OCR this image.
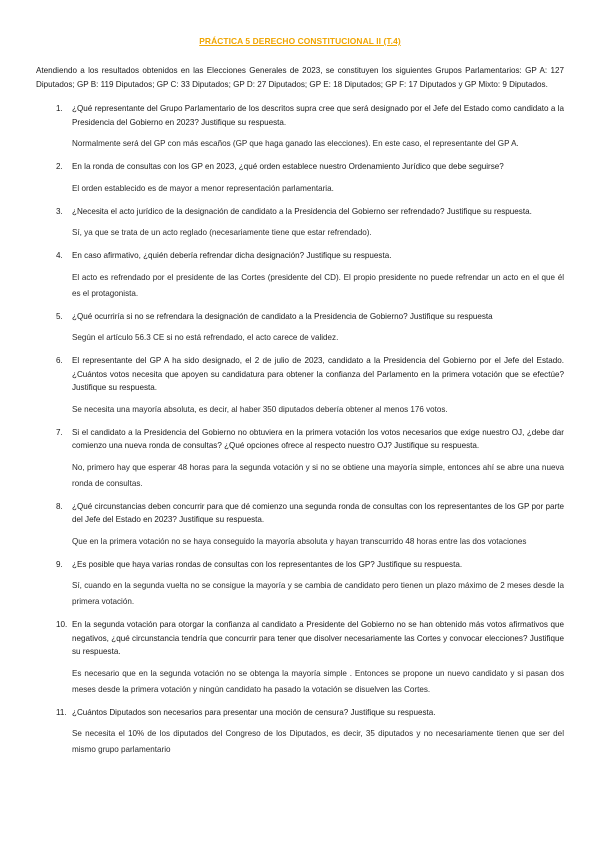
PRÁCTICA 5 DERECHO CONSTITUCIONAL II (T.4)

Atendiendo a los resultados obtenidos en las Elecciones Generales de 2023, se constituyen los siguientes Grupos Parlamentarios: GP A: 127 Diputados; GP B: 119 Diputados; GP C: 33 Diputados; GP D: 27 Diputados; GP E: 18 Diputados; GP F: 17 Diputados y GP Mixto: 9 Diputados.

1. ¿Qué representante del Grupo Parlamentario de los descritos supra cree que será designado por el Jefe del Estado como candidato a la Presidencia del Gobierno en 2023? Justifique su respuesta.

Normalmente será del GP con más escaños (GP que haga ganado las elecciones). En este caso, el representante del GP A.

2. En la ronda de consultas con los GP en 2023, ¿qué orden establece nuestro Ordenamiento Jurídico que debe seguirse?

El orden establecido es de mayor a menor representación parlamentaria.

3. ¿Necesita el acto jurídico de la designación de candidato a la Presidencia del Gobierno ser refrendado? Justifique su respuesta.

Sí, ya que se trata de un acto reglado (necesariamente tiene que estar refrendado).

4. En caso afirmativo, ¿quién debería refrendar dicha designación? Justifique su respuesta.

El acto es refrendado por el presidente de las Cortes (presidente del CD). El propio presidente no puede refrendar un acto en el que él es el protagonista.

5. ¿Qué ocurriría si no se refrendara la designación de candidato a la Presidencia de Gobierno? Justifique su respuesta

Según el artículo 56.3 CE si no está refrendado, el acto carece de validez.

6. El representante del GP A ha sido designado, el 2 de julio de 2023, candidato a la Presidencia del Gobierno por el Jefe del Estado. ¿Cuántos votos necesita que apoyen su candidatura para obtener la confianza del Parlamento en la primera votación que se efectúe? Justifique su respuesta.

Se necesita una mayoría absoluta, es decir, al haber 350 diputados debería obtener al menos 176 votos.

7. Si el candidato a la Presidencia del Gobierno no obtuviera en la primera votación los votos necesarios que exige nuestro OJ, ¿debe dar comienzo una nueva ronda de consultas? ¿Qué opciones ofrece al respecto nuestro OJ? Justifique su respuesta.

No, primero hay que esperar 48 horas para la segunda votación y si no se obtiene una mayoría simple, entonces ahí se abre una nueva ronda de consultas.

8. ¿Qué circunstancias deben concurrir para que dé comienzo una segunda ronda de consultas con los representantes de los GP por parte del Jefe del Estado en 2023? Justifique su respuesta.

Que en la primera votación no se haya conseguido la mayoría absoluta y hayan transcurrido 48 horas entre las dos votaciones

9. ¿Es posible que haya varias rondas de consultas con los representantes de los GP? Justifique su respuesta.

Sí, cuando en la segunda vuelta no se consigue la mayoría y se cambia de candidato pero tienen un plazo máximo de 2 meses desde la primera votación.

10. En la segunda votación para otorgar la confianza al candidato a Presidente del Gobierno no se han obtenido más votos afirmativos que negativos, ¿qué circunstancia tendría que concurrir para tener que disolver necesariamente las Cortes y convocar elecciones? Justifique su respuesta.

Es necesario que en la segunda votación no se obtenga la mayoría simple . Entonces se propone un nuevo candidato y si pasan dos meses desde la primera votación y ningún candidato ha pasado la votación se disuelven las Cortes.

11. ¿Cuántos Diputados son necesarios para presentar una moción de censura? Justifique su respuesta.

Se necesita el 10% de los diputados del Congreso de los Diputados, es decir, 35 diputados y no necesariamente tienen que ser del mismo grupo parlamentario
